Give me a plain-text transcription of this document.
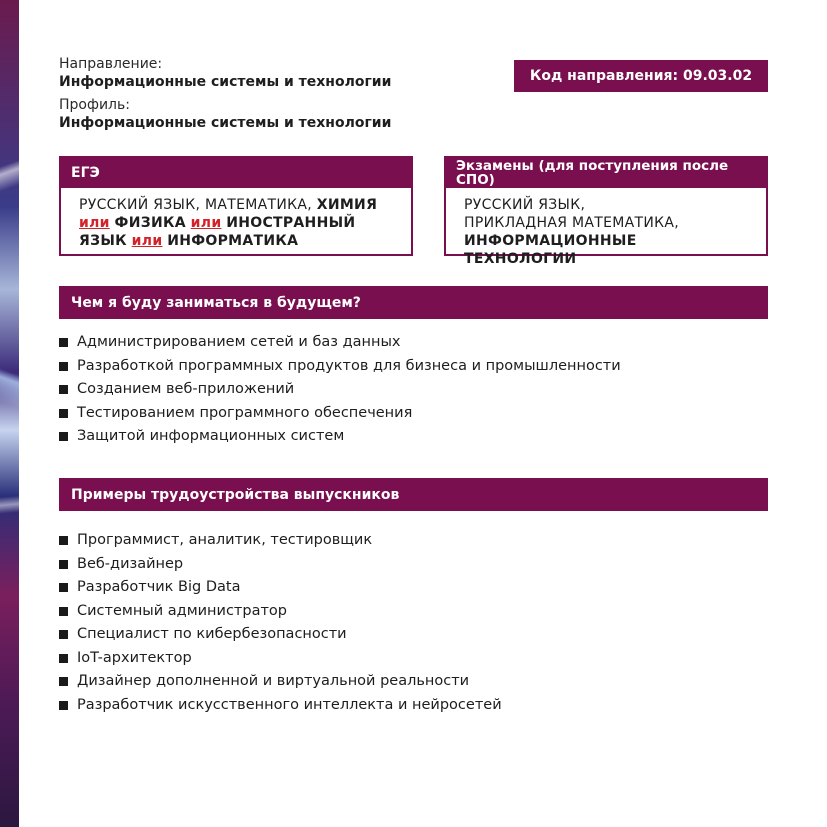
Направление:
Информационные системы и технологии
Профиль:
Информационные системы и технологии
Код направления: 09.03.02
ЕГЭ
РУССКИЙ ЯЗЫК, МАТЕМАТИКА, ХИМИЯ или ФИЗИКА или ИНОСТРАННЫЙ ЯЗЫК или ИНФОРМАТИКА
Экзамены (для поступления после СПО)
РУССКИЙ ЯЗЫК,
ПРИКЛАДНАЯ МАТЕМАТИКА,
ИНФОРМАЦИОННЫЕ ТЕХНОЛОГИИ
Чем я буду заниматься в будущем?
Администрированием сетей и баз данных
Разработкой программных продуктов для бизнеса и промышленности
Созданием веб-приложений
Тестированием программного обеспечения
Защитой информационных систем
Примеры трудоустройства выпускников
Программист, аналитик, тестировщик
Веб-дизайнер
Разработчик Big Data
Системный администратор
Специалист по кибербезопасности
IoT-архитектор
Дизайнер дополненной и виртуальной реальности
Разработчик искусственного интеллекта и нейросетей
